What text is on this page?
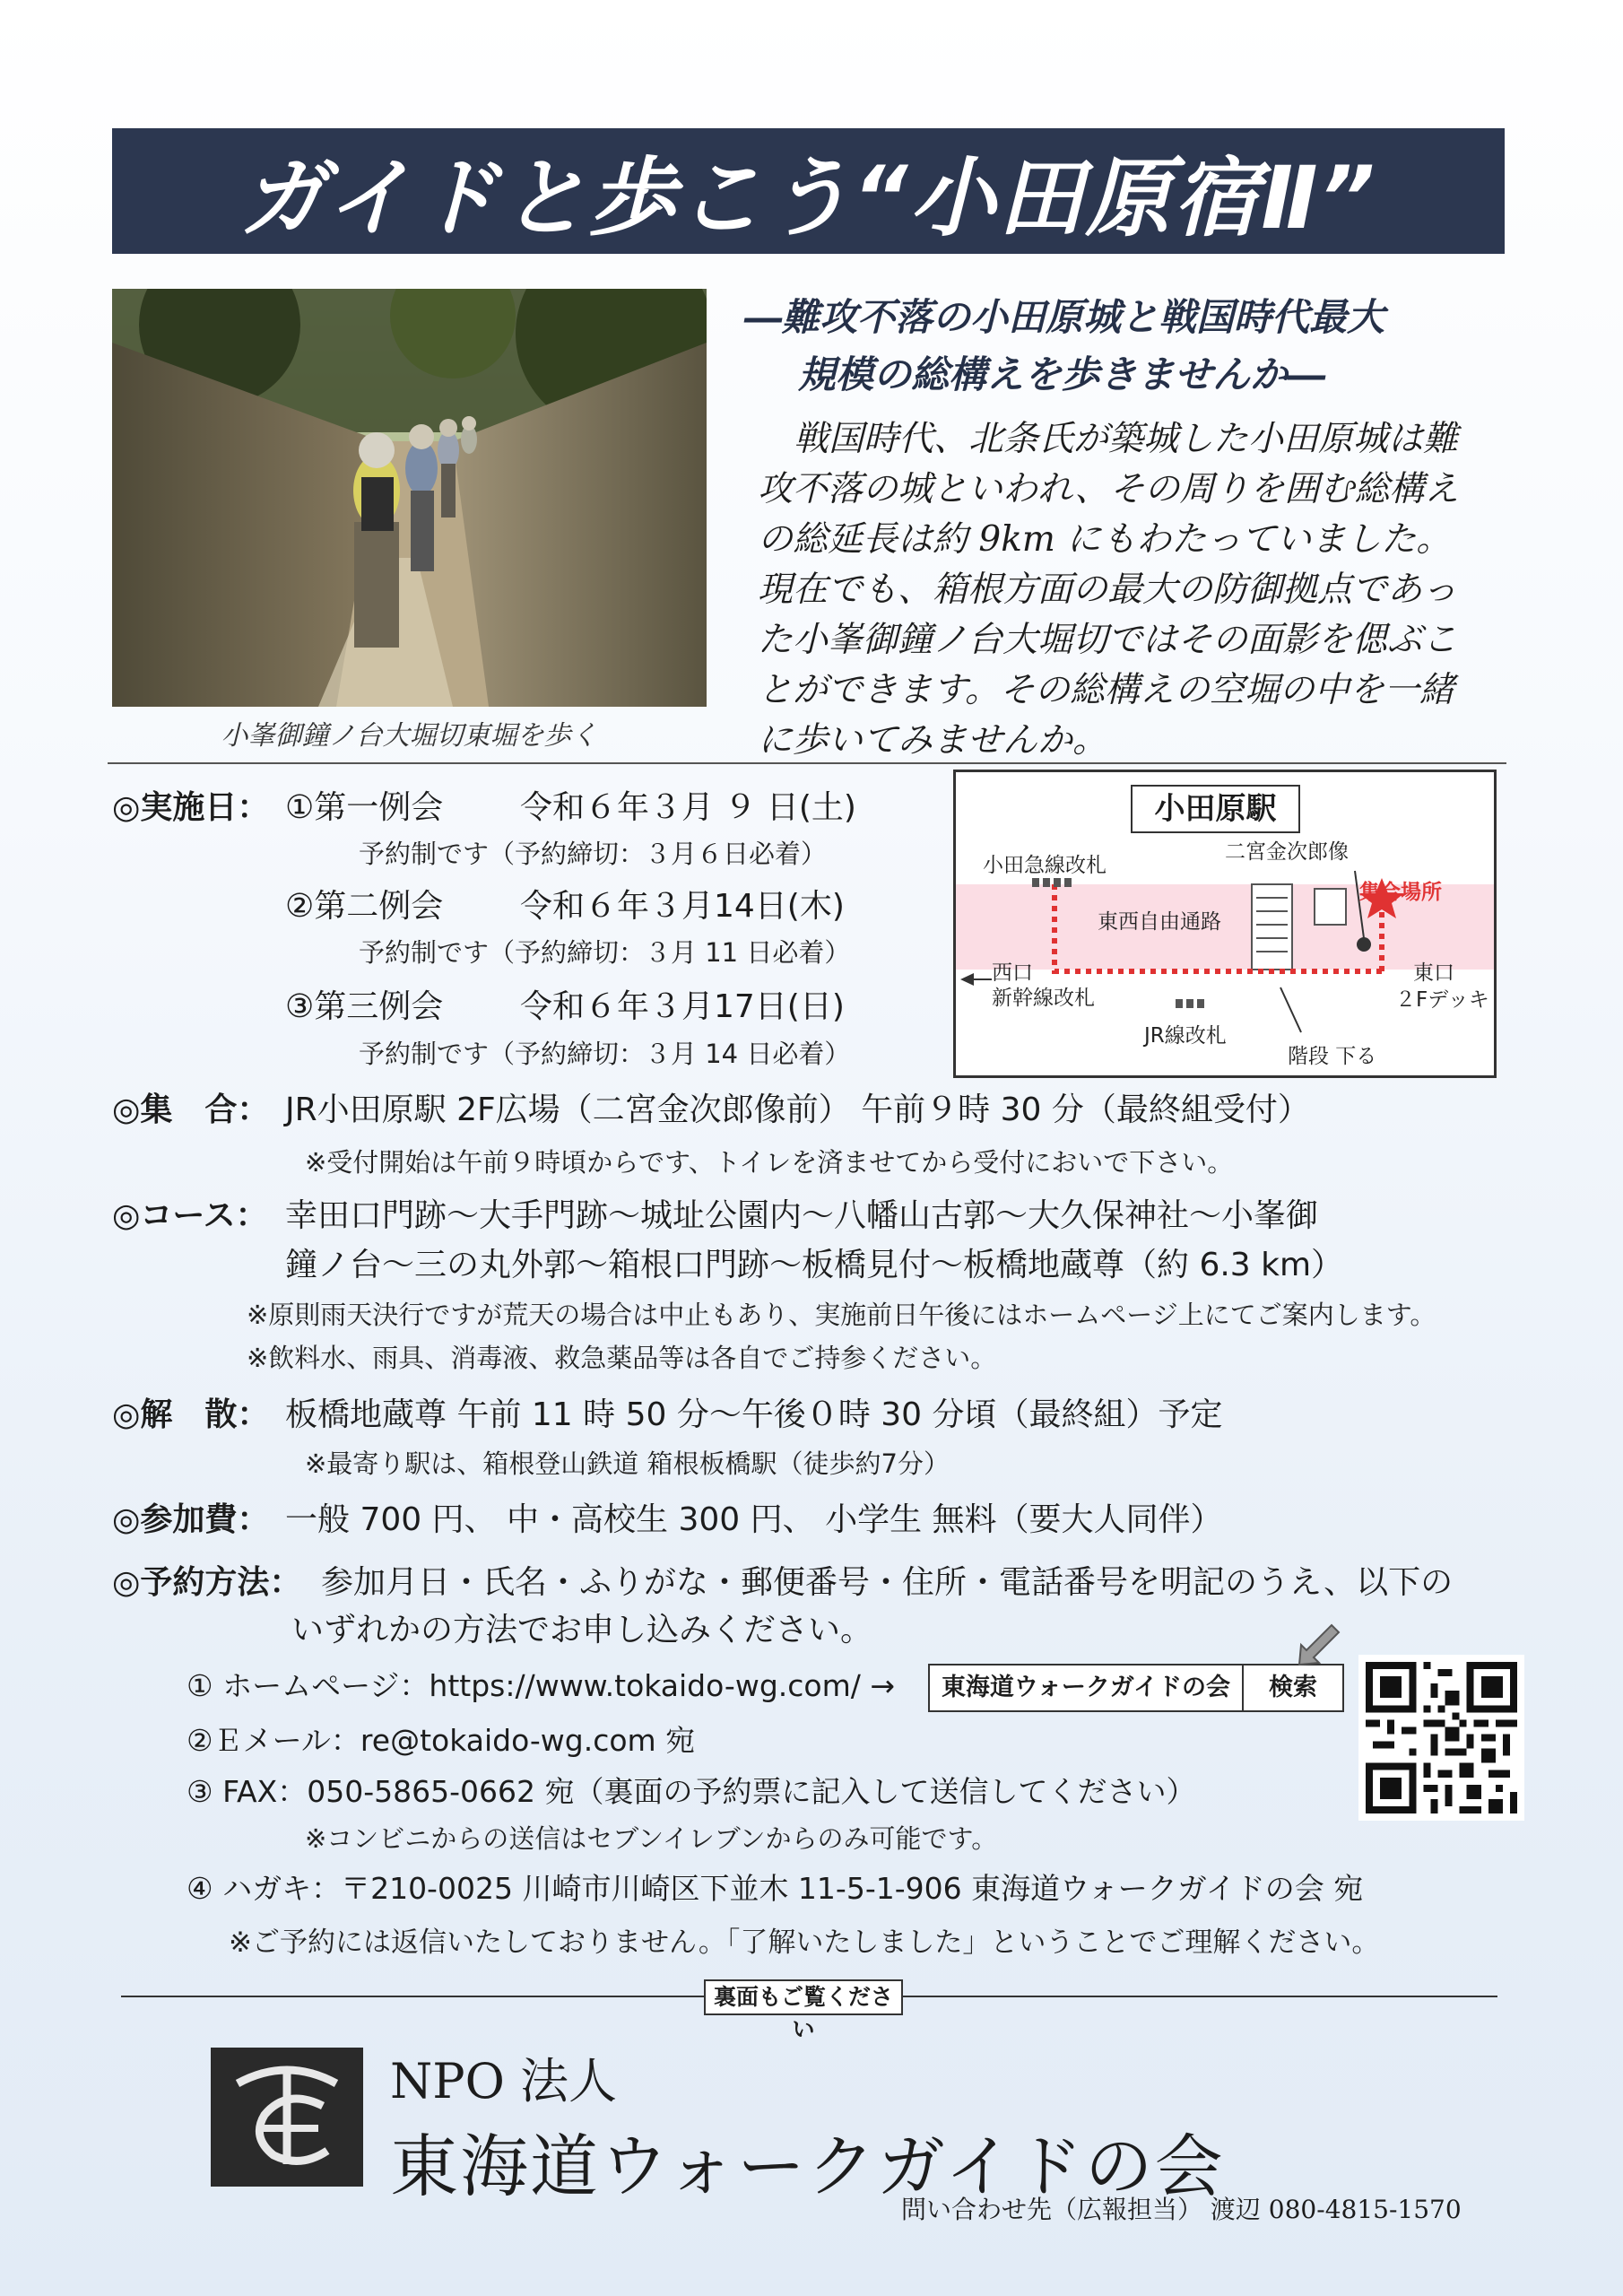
ガイドと歩こう“小田原宿Ⅱ”
小峯御鐘ノ台大堀切東堀を歩く
―難攻不落の小田原城と戦国時代最大
規模の総構えを歩きませんか―
戦国時代、北条氏が築城した小田原城は難
攻不落の城といわれ、その周りを囲む総構え
の総延長は約 9km にもわたっていました。
現在でも、箱根方面の最大の防御拠点であっ
た小峯御鐘ノ台大堀切ではその面影を偲ぶこ
とができます。その総構えの空堀の中を一緒
に歩いてみませんか。
◎実施日： ①第一例会 令和６年３月 ９ 日(土)
予約制です（予約締切：３月６日必着）
②第二例会 令和６年３月14日(木)
予約制です（予約締切：３月 11 日必着）
③第三例会 令和６年３月17日(日)
予約制です（予約締切：３月 14 日必着）
小田原駅
小田急線改札
二宮金次郎像
集合場所
東西自由通路
西口
新幹線改札
東口
２Fデッキ
JR線改札
階段 下る
◎集　合： JR小田原駅 2F広場（二宮金次郎像前） 午前９時 30 分（最終組受付）
※受付開始は午前９時頃からです、トイレを済ませてから受付においで下さい。
◎コース： 幸田口門跡～大手門跡～城址公園内～八幡山古郭～大久保神社～小峯御
鐘ノ台～三の丸外郭～箱根口門跡～板橋見付～板橋地蔵尊（約 6.3 km）
※原則雨天決行ですが荒天の場合は中止もあり、実施前日午後にはホームページ上にてご案内します。
※飲料水、雨具、消毒液、救急薬品等は各自でご持参ください。
◎解　散： 板橋地蔵尊 午前 11 時 50 分～午後０時 30 分頃（最終組）予定
※最寄り駅は、箱根登山鉄道 箱根板橋駅（徒歩約7分）
◎参加費： 一般 700 円、 中・高校生 300 円、 小学生 無料（要大人同伴）
◎予約方法： 参加月日・氏名・ふりがな・郵便番号・住所・電話番号を明記のうえ、以下の
いずれかの方法でお申し込みください。
① ホームページ：https://www.tokaido-wg.com/ →	東海道ウォークガイドの会	検索
②Ｅメール：re@tokaido-wg.com 宛
③ FAX：050-5865-0662 宛（裏面の予約票に記入して送信してください）
※コンビニからの送信はセブンイレブンからのみ可能です。
④ ハガキ：〒210-0025 川崎市川崎区下並木 11-5-1-906 東海道ウォークガイドの会 宛
※ご予約には返信いたしておりません。「了解いたしました」ということでご理解ください。
裏面もご覧ください
NPO 法人
東海道ウォークガイドの会
問い合わせ先（広報担当） 渡辺 080-4815-1570
